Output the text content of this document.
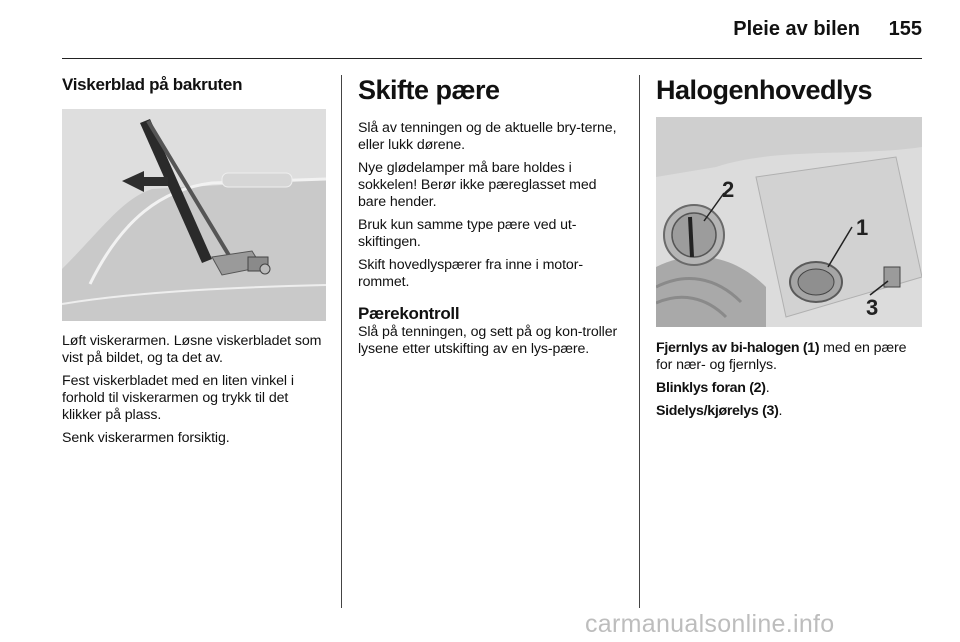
Pleie av bilen	155
Viskerblad på bakruten

Løft viskerarmen. Løsne viskerbladet som vist på bildet, og ta det av.

Fest viskerbladet med en liten vinkel i forhold til viskerarmen og trykk til det klikker på plass.

Senk viskerarmen forsiktig.

Skifte pære

Slå av tenningen og de aktuelle bry-terne, eller lukk dørene.

Nye glødelamper må bare holdes i sokkelen! Berør ikke pæreglasset med bare hender.

Bruk kun samme type pære ved ut-skiftingen.

Skift hovedlyspærer fra inne i motor-rommet.

Pærekontroll

Slå på tenningen, og sett på og kon-troller lysene etter utskifting av en lys-pære.

Halogenhovedlys
1
2
3

Fjernlys av bi-halogen (1) med en pære for nær- og fjernlys.

Blinklys foran (2).

Sidelys/kjørelys (3).

carmanualsonline.info
